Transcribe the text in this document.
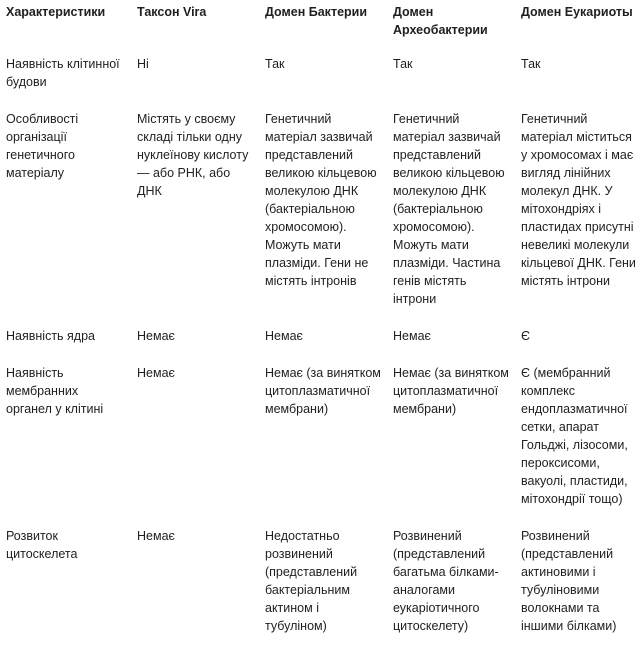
Характеристики	Таксон Vira	Домен Бактерии	Домен Археобактерии	Домен Еукариоты
Наявність клітинної будови	Ні	Так	Так	Так
Особливості організації генетичного матеріалу	Містять у своєму складі тільки одну нуклеїнову кислоту — або РНК, або ДНК	Генетичний матеріал зазвичай представлений великою кільцевою молекулою ДНК (бактеріальною хромосомою). Можуть мати плазміди. Гени не містять інтронів	Генетичний матеріал зазвичай представлений великою кільцевою молекулою ДНК (бактеріальною хромосомою). Можуть мати плазміди. Частина генів містять інтрони	Генетичний матеріал міститься у хромосомах і має вигляд лінійних молекул ДНК. У мітохондріях і пластидах присутні невеликі молекули кільцевої ДНК. Гени містять інтрони
Наявність ядра	Немає	Немає	Немає	Є
Наявність мембранних органел у клітині	Немає	Немає (за винятком цитоплазматичної мембрани)	Немає (за винятком цитоплазматичної мембрани)	Є (мембранний комплекс ендоплазматичної сетки, апарат Гольджі, лізосоми, пероксисоми, вакуолі, пластиди, мітохондрії тощо)
Розвиток цитоскелета	Немає	Недостатньо розвинений (представлений бактеріальним актином і тубуліном)	Розвинений (представлений багатьма білками-аналогами еукаріотичного цитоскелету)	Розвинений (представлений актиновими і тубуліновими волокнами та іншими білками)
